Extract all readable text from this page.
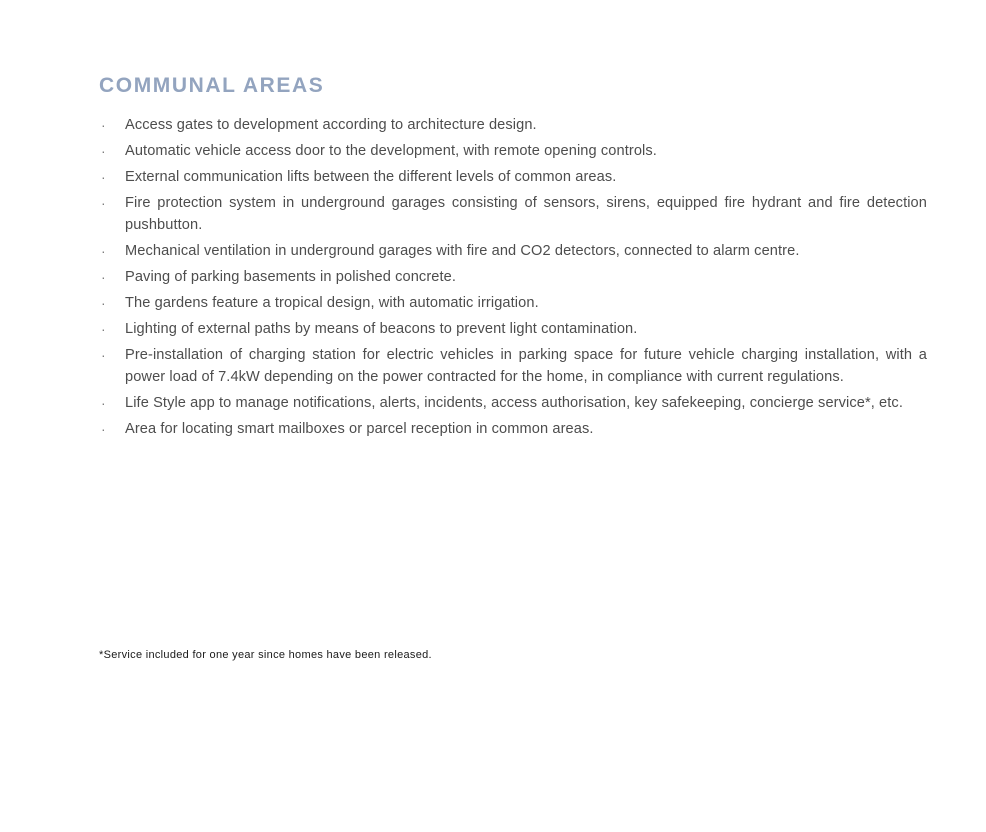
COMMUNAL AREAS
·	Access gates to development according to architecture design.
·	Automatic vehicle access door to the development, with remote opening controls.
·	External communication lifts between the different levels of common areas.
·	Fire protection system in underground garages consisting of sensors, sirens, equipped fire hydrant and fire detection pushbutton.
·	Mechanical ventilation in underground garages with fire and CO2 detectors, connected to alarm centre.
·	Paving of parking basements in polished concrete.
·	The gardens feature a tropical design, with automatic irrigation.
·	Lighting of external paths by means of beacons to prevent light contamination.
·	Pre-installation of charging station for electric vehicles in parking space for future vehicle charging installation, with a power load of 7.4kW depending on the power contracted for the home, in compliance with current regulations.
·	Life Style app to manage notifications, alerts, incidents, access authorisation, key safekeeping, concierge service*, etc.
·	Area for locating smart mailboxes or parcel reception in common areas.
*Service included for one year since homes have been released.
